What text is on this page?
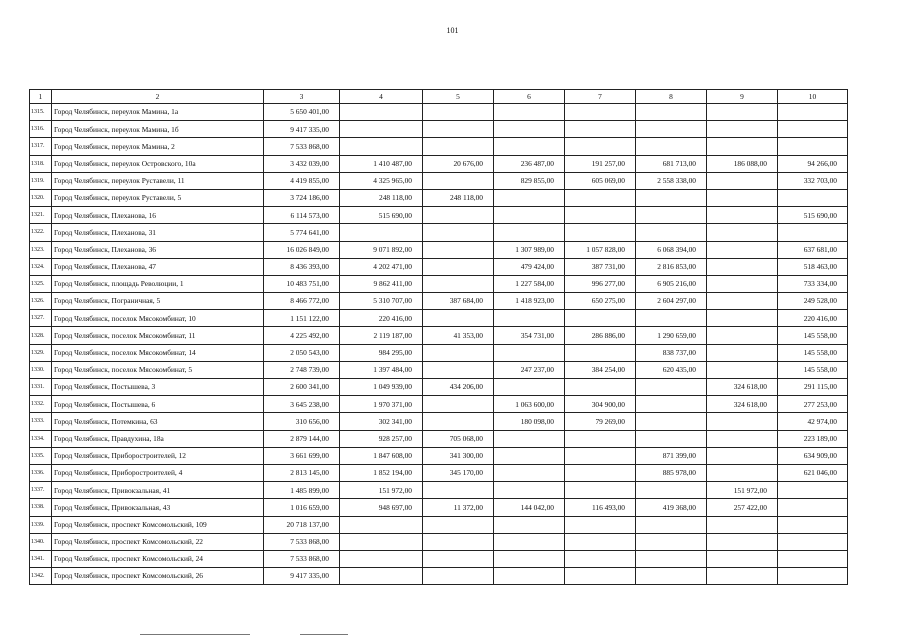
101
1	2	3	4	5	6	7	8	9	10
1315.	Город Челябинск, переулок Мамина, 1а	5 650 401,00							
1316.	Город Челябинск, переулок Мамина, 1б	9 417 335,00							
1317.	Город Челябинск, переулок Мамина, 2	7 533 868,00							
1318.	Город Челябинск, переулок Островского, 10а	3 432 039,00	1 410 487,00	20 676,00	236 487,00	191 257,00	681 713,00	186 088,00	94 266,00
1319.	Город Челябинск, переулок Руставели, 11	4 419 855,00	4 325 965,00		829 855,00	605 069,00	2 558 338,00		332 703,00
1320.	Город Челябинск, переулок Руставели, 5	3 724 186,00	248 118,00	248 118,00					
1321.	Город Челябинск, Плеханова, 16	6 114 573,00	515 690,00						515 690,00
1322.	Город Челябинск, Плеханова, 31	5 774 641,00							
1323.	Город Челябинск, Плеханова, 36	16 026 849,00	9 071 892,00		1 307 989,00	1 057 828,00	6 068 394,00		637 681,00
1324.	Город Челябинск, Плеханова, 47	8 436 393,00	4 202 471,00		479 424,00	387 731,00	2 816 853,00		518 463,00
1325.	Город Челябинск, площадь Революции, 1	10 483 751,00	9 862 411,00		1 227 584,00	996 277,00	6 905 216,00		733 334,00
1326.	Город Челябинск, Пограничная, 5	8 466 772,00	5 310 707,00	387 684,00	1 418 923,00	650 275,00	2 604 297,00		249 528,00
1327.	Город Челябинск, поселок Мясокомбинат, 10	1 151 122,00	220 416,00						220 416,00
1328.	Город Челябинск, поселок Мясокомбинат, 11	4 225 492,00	2 119 187,00	41 353,00	354 731,00	286 886,00	1 290 659,00		145 558,00
1329.	Город Челябинск, поселок Мясокомбинат, 14	2 050 543,00	984 295,00				838 737,00		145 558,00
1330.	Город Челябинск, поселок Мясокомбинат, 5	2 748 739,00	1 397 484,00		247 237,00	384 254,00	620 435,00		145 558,00
1331.	Город Челябинск, Постышева, 3	2 600 341,00	1 049 939,00	434 206,00				324 618,00	291 115,00
1332.	Город Челябинск, Постышева, 6	3 645 238,00	1 970 371,00		1 063 600,00	304 900,00		324 618,00	277 253,00
1333.	Город Челябинск, Потемкина, 63	310 656,00	302 341,00		180 098,00	79 269,00			42 974,00
1334.	Город Челябинск, Правдухина, 18а	2 879 144,00	928 257,00	705 068,00					223 189,00
1335.	Город Челябинск, Приборостроителей, 12	3 661 699,00	1 847 608,00	341 300,00			871 399,00		634 909,00
1336.	Город Челябинск, Приборостроителей, 4	2 813 145,00	1 852 194,00	345 170,00			885 978,00		621 046,00
1337.	Город Челябинск, Привокзальная, 41	1 485 899,00	151 972,00					151 972,00	
1338.	Город Челябинск, Привокзальная, 43	1 016 659,00	948 697,00	11 372,00	144 042,00	116 493,00	419 368,00	257 422,00	
1339.	Город Челябинск, проспект Комсомольский, 109	20 718 137,00							
1340.	Город Челябинск, проспект Комсомольский, 22	7 533 868,00							
1341.	Город Челябинск, проспект Комсомольский, 24	7 533 868,00							
1342.	Город Челябинск, проспект Комсомольский, 26	9 417 335,00							
